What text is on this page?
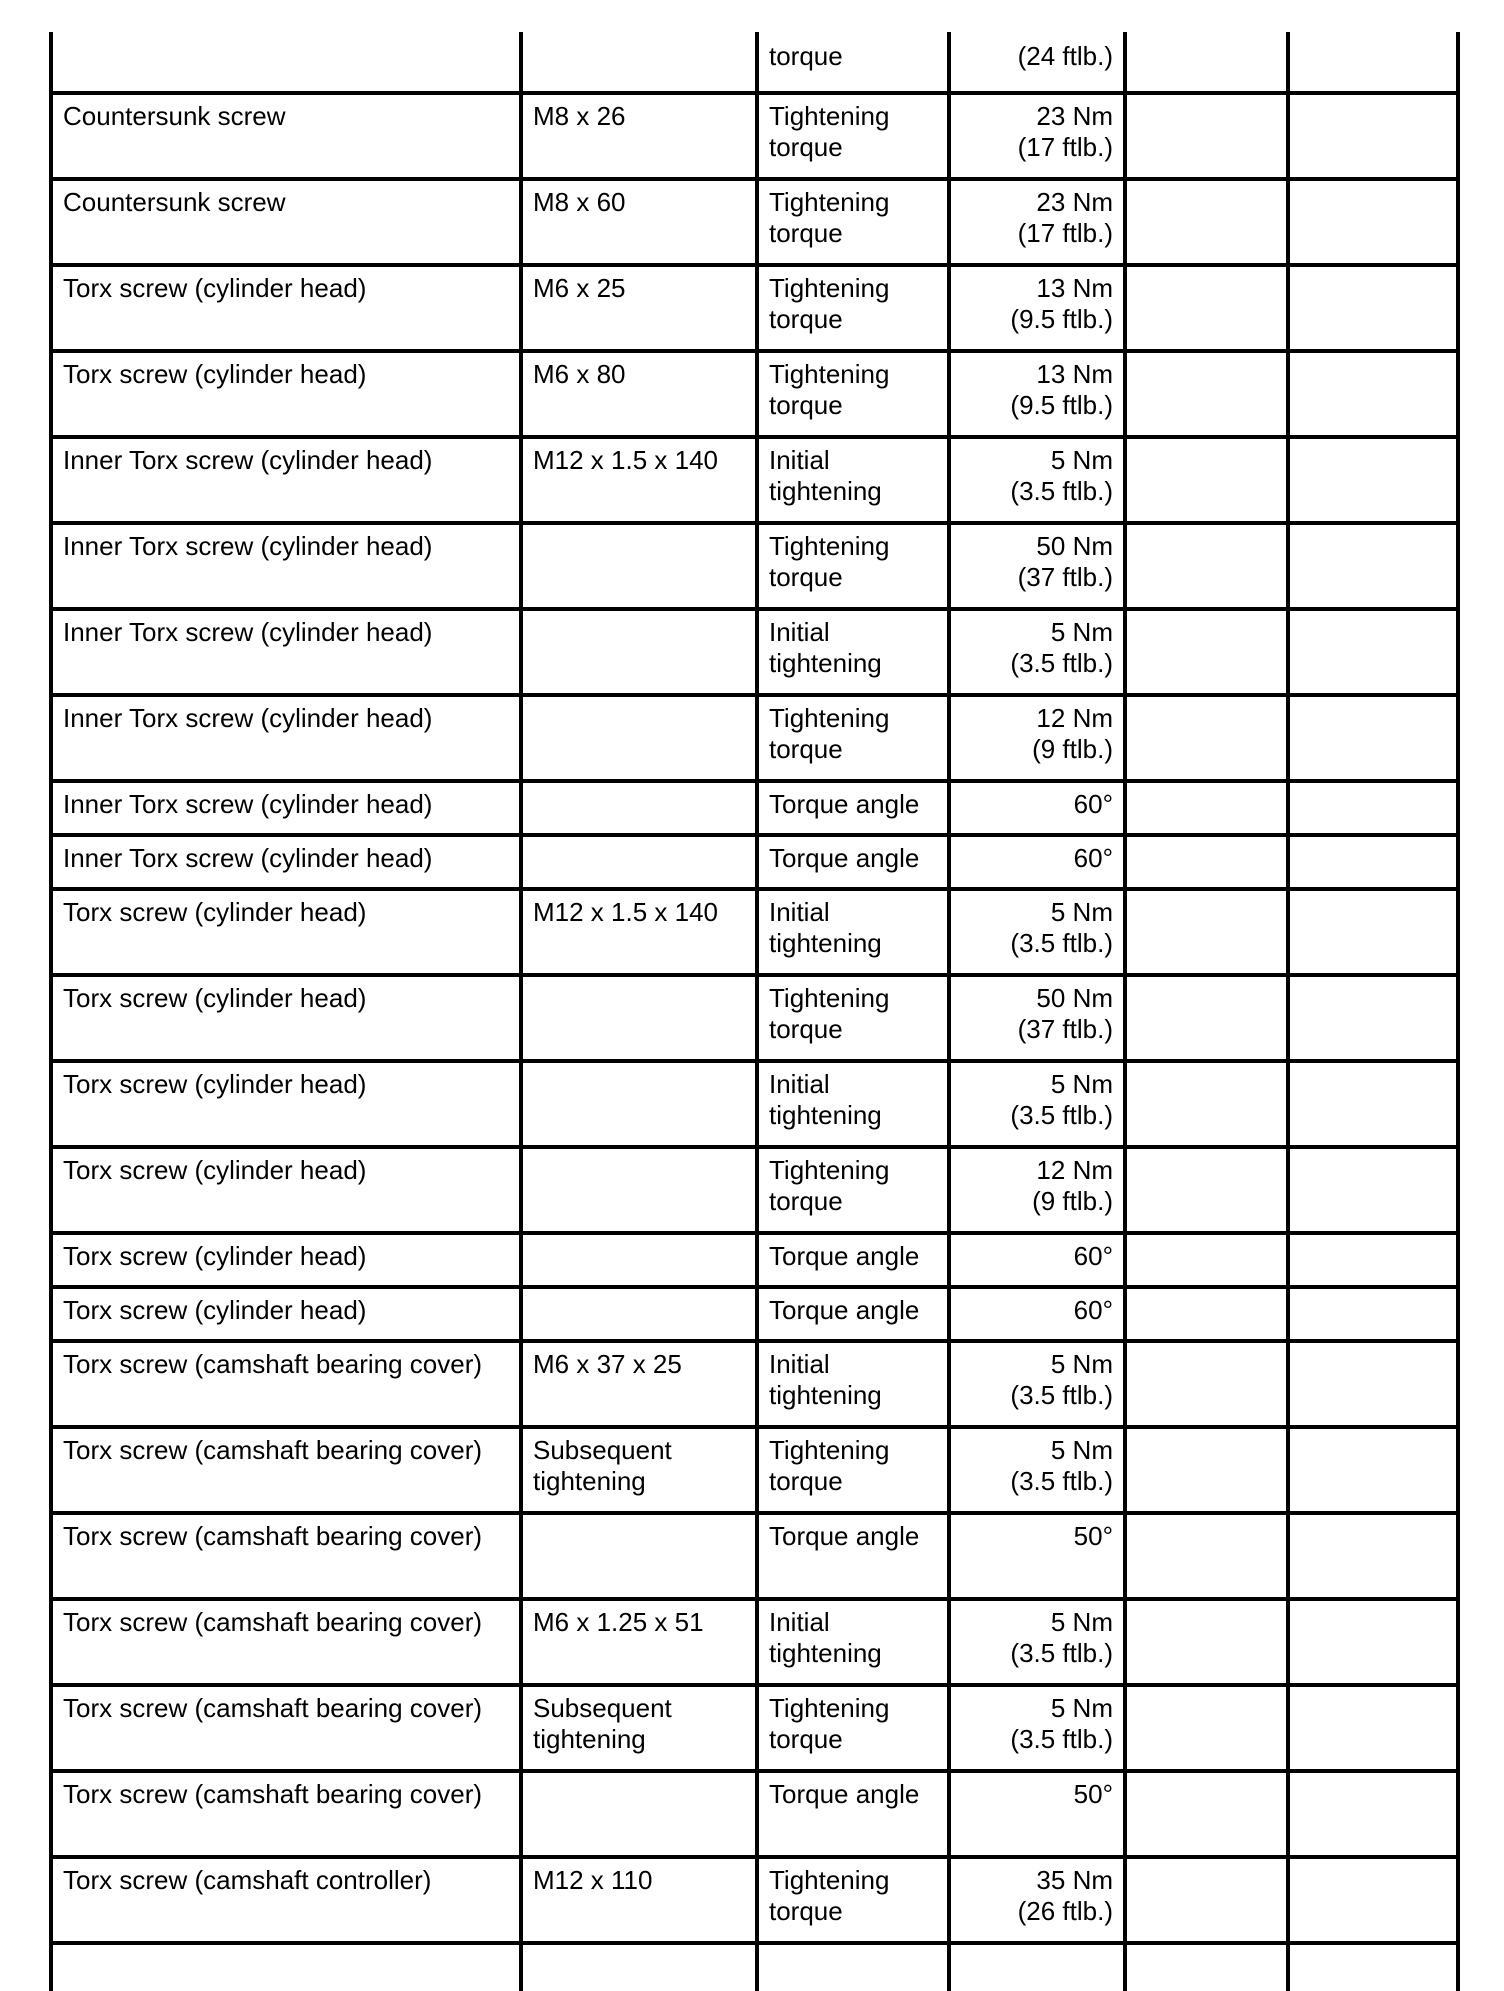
		torque	(24 ftlb.)		

Countersunk screw	M8 x 26	Tightening torque	23 Nm
(17 ftlb.)		

Countersunk screw	M8 x 60	Tightening torque	23 Nm
(17 ftlb.)		

Torx screw (cylinder head)	M6 x 25	Tightening torque	13 Nm
(9.5 ftlb.)		

Torx screw (cylinder head)	M6 x 80	Tightening torque	13 Nm
(9.5 ftlb.)		

Inner Torx screw (cylinder head)	M12 x 1.5 x 140	Initial tightening	5 Nm
(3.5 ftlb.)		

Inner Torx screw (cylinder head)		Tightening torque	50 Nm
(37 ftlb.)		

Inner Torx screw (cylinder head)		Initial tightening	5 Nm
(3.5 ftlb.)		

Inner Torx screw (cylinder head)		Tightening torque	12 Nm
(9 ftlb.)		

Inner Torx screw (cylinder head)		Torque angle	60°		

Inner Torx screw (cylinder head)		Torque angle	60°		

Torx screw (cylinder head)	M12 x 1.5 x 140	Initial tightening	5 Nm
(3.5 ftlb.)		

Torx screw (cylinder head)		Tightening torque	50 Nm
(37 ftlb.)		

Torx screw (cylinder head)		Initial tightening	5 Nm
(3.5 ftlb.)		

Torx screw (cylinder head)		Tightening torque	12 Nm
(9 ftlb.)		

Torx screw (cylinder head)		Torque angle	60°		

Torx screw (cylinder head)		Torque angle	60°		

Torx screw (camshaft bearing cover)	M6 x 37 x 25	Initial tightening	5 Nm
(3.5 ftlb.)		

Torx screw (camshaft bearing cover)	Subsequent tightening	Tightening torque	5 Nm
(3.5 ftlb.)		

Torx screw (camshaft bearing cover)		Torque angle	50°		

Torx screw (camshaft bearing cover)	M6 x 1.25 x 51	Initial tightening	5 Nm
(3.5 ftlb.)		

Torx screw (camshaft bearing cover)	Subsequent tightening	Tightening torque	5 Nm
(3.5 ftlb.)		

Torx screw (camshaft bearing cover)		Torque angle	50°		

Torx screw (camshaft controller)	M12 x 110	Tightening torque	35 Nm
(26 ftlb.)		
